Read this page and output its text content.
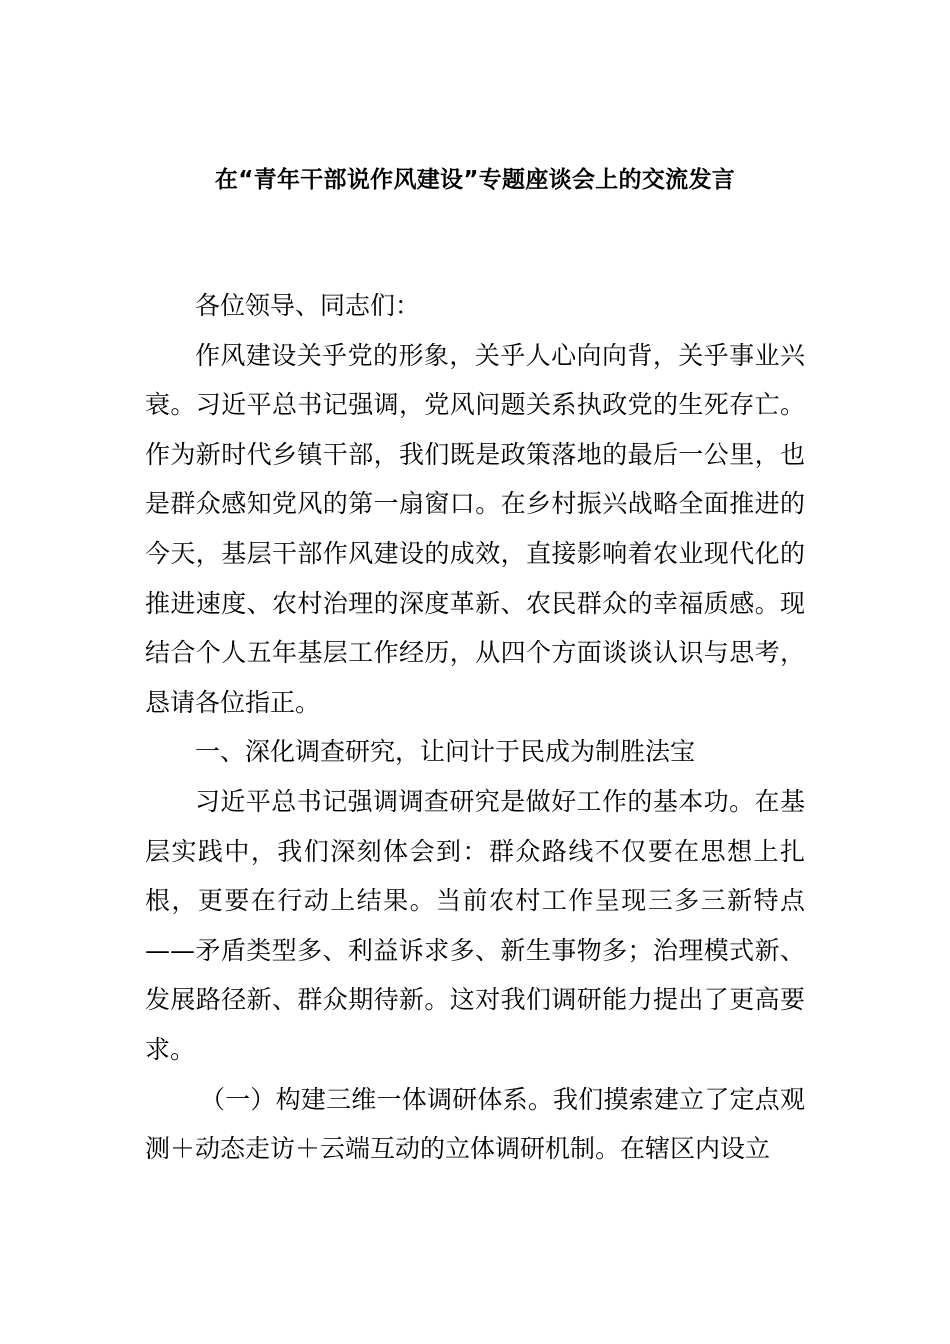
在“青年干部说作风建设”专题座谈会上的交流发言

各位领导、同志们：

作风建设关乎党的形象，关乎人心向向背，关乎事业兴衰。习近平总书记强调，党风问题关系执政党的生死存亡。作为新时代乡镇干部，我们既是政策落地的最后一公里，也是群众感知党风的第一扇窗口。在乡村振兴战略全面推进的今天，基层干部作风建设的成效，直接影响着农业现代化的推进速度、农村治理的深度革新、农民群众的幸福质感。现结合个人五年基层工作经历，从四个方面谈谈认识与思考，恳请各位指正。

一、深化调查研究，让问计于民成为制胜法宝

习近平总书记强调调查研究是做好工作的基本功。在基层实践中，我们深刻体会到：群众路线不仅要在思想上扎根，更要在行动上结果。当前农村工作呈现三多三新特点——矛盾类型多、利益诉求多、新生事物多；治理模式新、发展路径新、群众期待新。这对我们调研能力提出了更高要求。

（一）构建三维一体调研体系。我们摸索建立了定点观测＋动态走访＋云端互动的立体调研机制。在辖区内设立
